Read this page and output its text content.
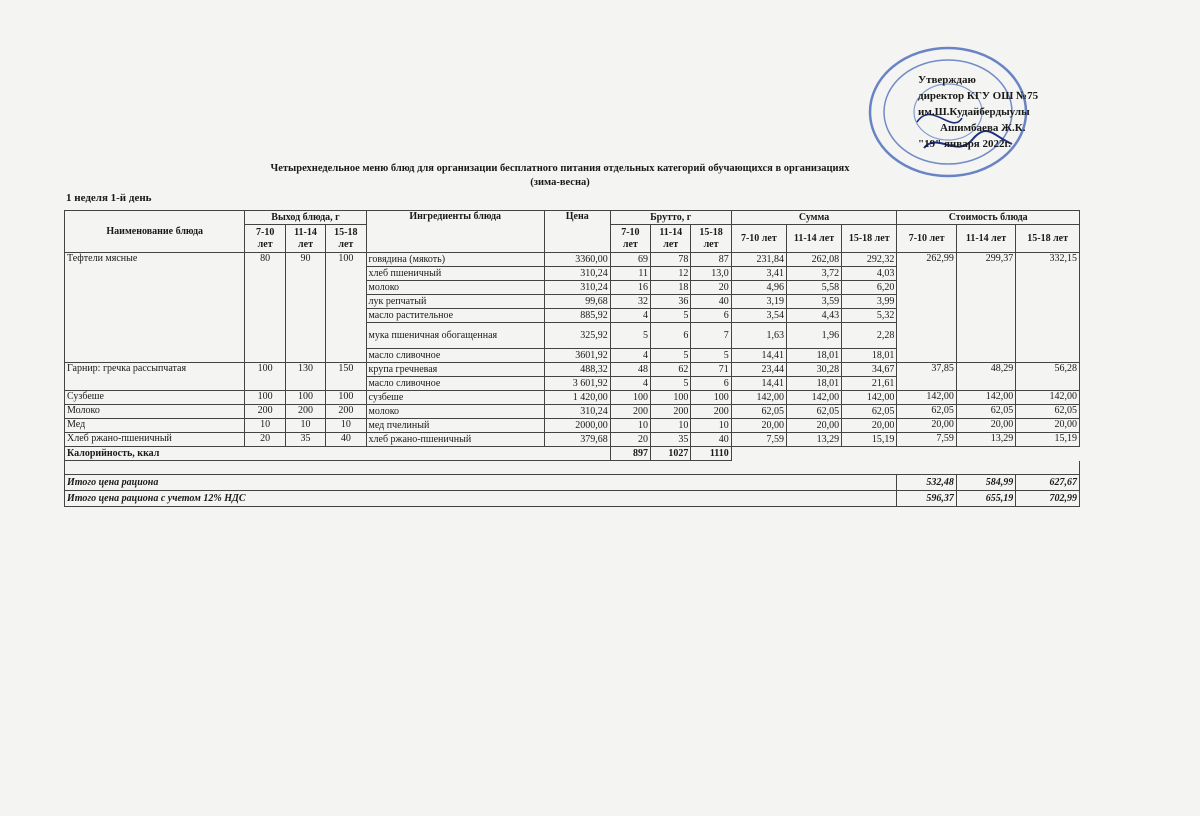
Утверждаю
директор КГУ ОШ №75
им.Ш.Кудайбердыулы
Ашимбаева Ж.К.
"19" января 2022г.
Четырехнедельное меню блюд для организации бесплатного питания отдельных категорий обучающихся в организациях
(зима-весна)
1 неделя 1-й день
Наименование блюда	Выход блюда, г			Ингредиенты блюда	Цена	Брутто, г			Сумма			Стоимость блюда		
	7-10 лет	11-14 лет	15-18 лет			7-10 лет	11-14 лет	15-18 лет	7-10 лет	11-14 лет	15-18 лет	7-10 лет	11-14 лет	15-18 лет

Тефтели мясные	80	90	100	говядина (мякоть)	3360,00	69	78	87	231,84	262,08	292,32	262,99	299,37	332,15
				хлеб пшеничный	310,24	11	12	13,0	3,41	3,72	4,03			
				молоко	310,24	16	18	20	4,96	5,58	6,20			
				лук репчатый	99,68	32	36	40	3,19	3,59	3,99			
				масло растительное	885,92	4	5	6	3,54	4,43	5,32			
				мука пшеничная обогащенная	325,92	5	6	7	1,63	1,96	2,28			
				масло сливочное	3601,92	4	5	5	14,41	18,01	18,01			
Гарнир: гречка рассыпчатая	100	130	150	крупа гречневая	488,32	48	62	71	23,44	30,28	34,67	37,85	48,29	56,28
				масло сливочное	3 601,92	4	5	6	14,41	18,01	21,61			
Сузбеше	100	100	100	сузбеше	1 420,00	100	100	100	142,00	142,00	142,00	142,00	142,00	142,00
Молоко	200	200	200	молоко	310,24	200	200	200	62,05	62,05	62,05	62,05	62,05	62,05
Мед	10	10	10	мед пчелиный	2000,00	10	10	10	20,00	20,00	20,00	20,00	20,00	20,00
Хлеб ржано-пшеничный	20	35	40	хлеб ржано-пшеничный	379,68	20	35	40	7,59	13,29	15,19	7,59	13,29	15,19
Калорийность, ккал						897	1027	1110						

Итого цена рациона												532,48	584,99	627,67
Итого цена рациона с учетом 12% НДС												596,37	655,19	702,99
